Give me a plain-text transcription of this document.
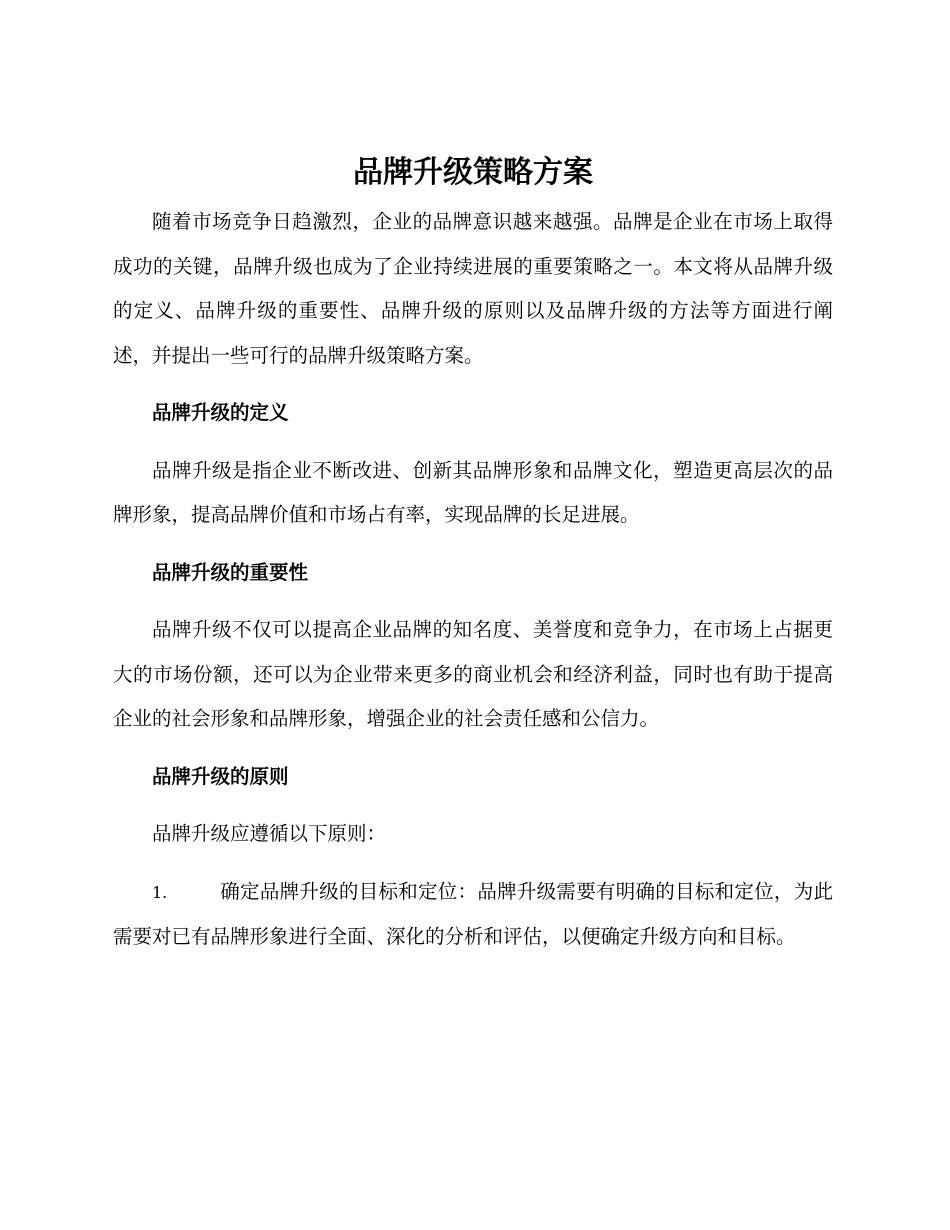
品牌升级策略方案

随着市场竞争日趋激烈，企业的品牌意识越来越强。品牌是企业在市场上取得成功的关键，品牌升级也成为了企业持续进展的重要策略之一。本文将从品牌升级的定义、品牌升级的重要性、品牌升级的原则以及品牌升级的方法等方面进行阐述，并提出一些可行的品牌升级策略方案。

品牌升级的定义

品牌升级是指企业不断改进、创新其品牌形象和品牌文化，塑造更高层次的品牌形象，提高品牌价值和市场占有率，实现品牌的长足进展。

品牌升级的重要性

品牌升级不仅可以提高企业品牌的知名度、美誉度和竞争力，在市场上占据更大的市场份额，还可以为企业带来更多的商业机会和经济利益，同时也有助于提高企业的社会形象和品牌形象，增强企业的社会责任感和公信力。

品牌升级的原则

品牌升级应遵循以下原则：

1.	确定品牌升级的目标和定位：品牌升级需要有明确的目标和定位，为此需要对已有品牌形象进行全面、深化的分析和评估，以便确定升级方向和目标。
